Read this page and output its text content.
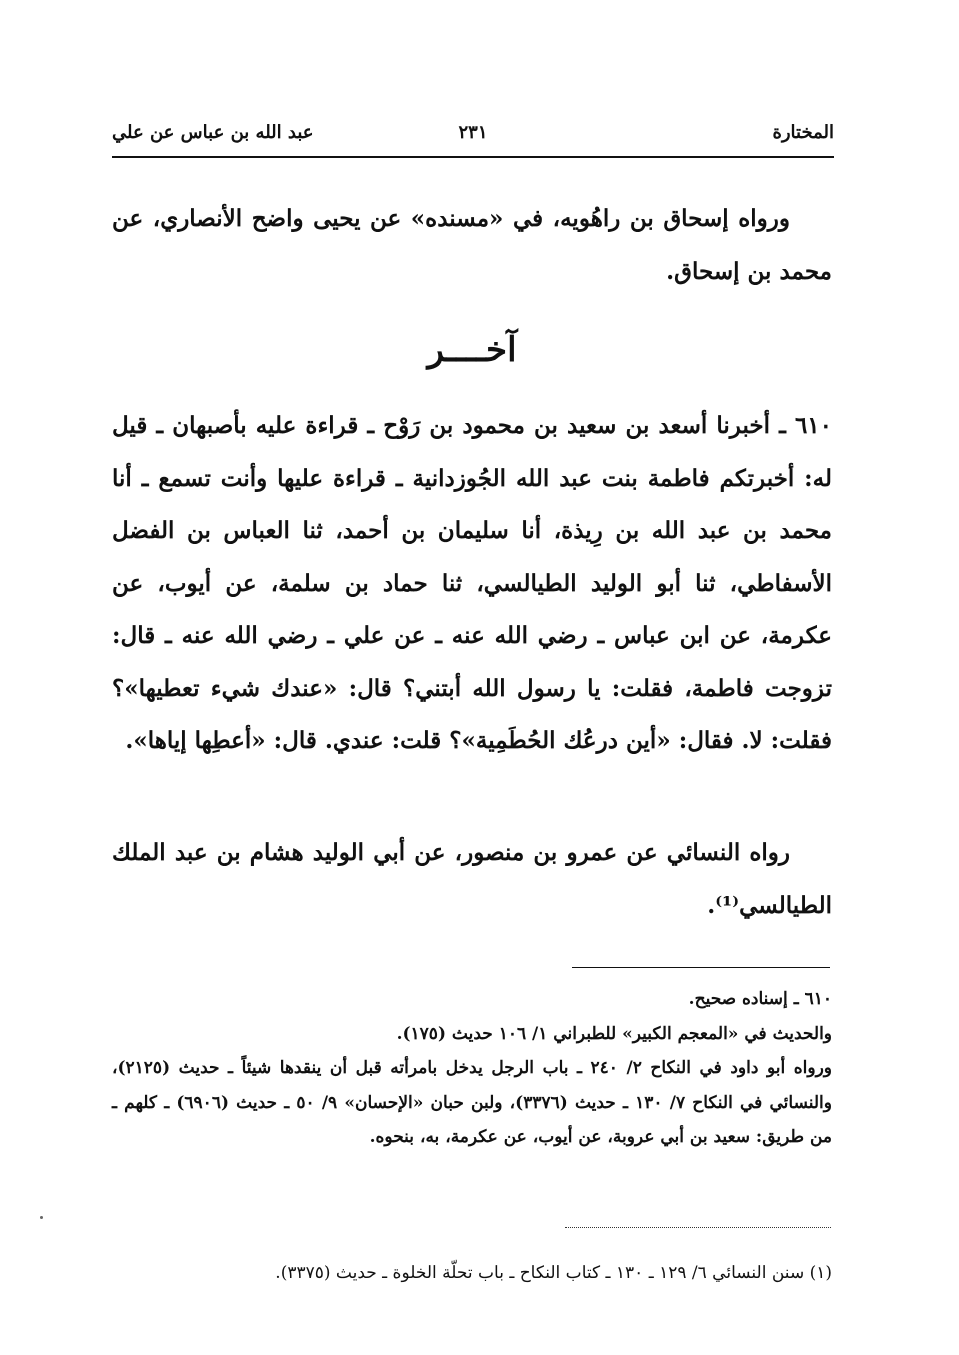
المختارة
٢٣١
عبد الله بن عباس عن علي

ورواه إسحاق بن راهُويه، في «مسنده» عن يحيى واضح الأنصاري، عن محمد بن إسحاق.

آخــــر

٦١٠ ـ أخبرنا أسعد بن سعيد بن محمود بن رَوْح ـ قراءة عليه بأصبهان ـ قيل له: أخبرتكم فاطمة بنت عبد الله الجُوزدانية ـ قراءة عليها وأنت تسمع ـ أنا محمد بن عبد الله بن رِيذة، أنا سليمان بن أحمد، ثنا العباس بن الفضل الأسفاطي، ثنا أبو الوليد الطيالسي، ثنا حماد بن سلمة، عن أيوب، عن عكرمة، عن ابن عباس ـ رضي الله عنه ـ عن علي ـ رضي الله عنه ـ قال: تزوجت فاطمة، فقلت: يا رسول الله أبتني؟ قال: «عندك شيء تعطيها»؟ فقلت: لا. فقال: «أين درعُك الحُطَمِية»؟ قلت: عندي. قال: «أعطِها إياها».

رواه النسائي عن عمرو بن منصور، عن أبي الوليد هشام بن عبد الملك الطيالسي⁽¹⁾.

٦١٠ ـ إسناده صحيح.

والحديث في «المعجم الكبير» للطبراني ١/ ١٠٦ حديث (١٧٥).

ورواه أبو داود في النكاح ٢/ ٢٤٠ ـ باب الرجل يدخل بامرأته قبل أن ينقدها شيئاً ـ حديث (٢١٢٥)، والنسائي في النكاح ٧/ ١٣٠ ـ حديث (٣٣٧٦)، ولبن حبان «الإحسان» ٩/ ٥٠ ـ حديث (٦٩٠٦) ـ كلهم ـ من طريق: سعيد بن أبي عروبة، عن أيوب، عن عكرمة، به، بنحوه.

(١) سنن النسائي ٦/ ١٢٩ ـ ١٣٠ ـ كتاب النكاح ـ باب تحلّة الخلوة ـ حديث (٣٣٧٥).
